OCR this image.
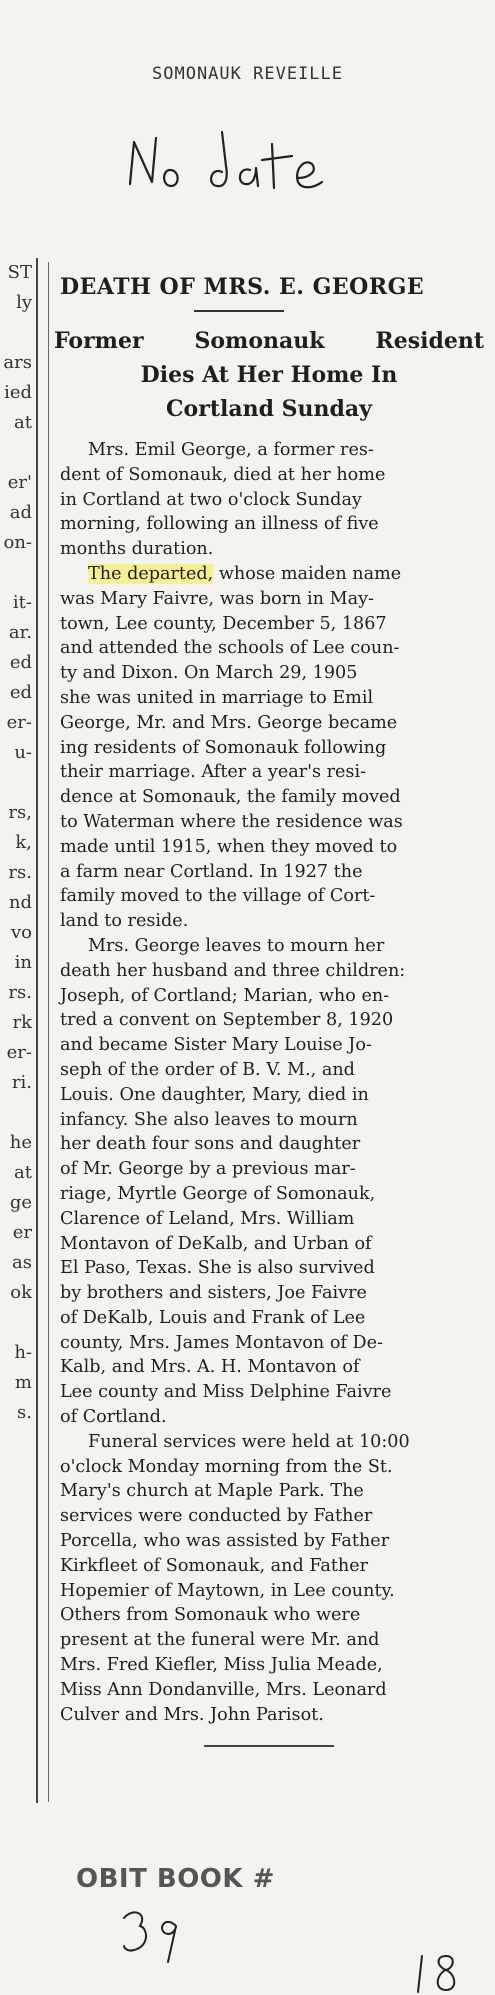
SOMONAUK REVEILLE
ST
ly
ars
ied
at
er'
ad
on-
it-
ar.
ed
ed
er-
u-
rs,
k,
rs.
nd
vo
in
rs.
rk
er-
ri.
he
at
ge
er
as
ok
h-
m
s.
DEATH OF MRS. E. GEORGE
Former Somonauk Resident
Dies At Her Home In
Cortland Sunday
Mrs. Emil George, a former res-
dent of Somonauk, died at her home
in Cortland at two o'clock Sunday
morning, following an illness of five
months duration.
The departed, whose maiden name
was Mary Faivre, was born in May-
town, Lee county, December 5, 1867
and attended the schools of Lee coun-
ty and Dixon. On March 29, 1905
she was united in marriage to Emil
George, Mr. and Mrs. George became
ing residents of Somonauk following
their marriage. After a year's resi-
dence at Somonauk, the family moved
to Waterman where the residence was
made until 1915, when they moved to
a farm near Cortland. In 1927 the
family moved to the village of Cort-
land to reside.
Mrs. George leaves to mourn her
death her husband and three children:
Joseph, of Cortland; Marian, who en-
tred a convent on September 8, 1920
and became Sister Mary Louise Jo-
seph of the order of B. V. M., and
Louis. One daughter, Mary, died in
infancy. She also leaves to mourn
her death four sons and daughter
of Mr. George by a previous mar-
riage, Myrtle George of Somonauk,
Clarence of Leland, Mrs. William
Montavon of DeKalb, and Urban of
El Paso, Texas. She is also survived
by brothers and sisters, Joe Faivre
of DeKalb, Louis and Frank of Lee
county, Mrs. James Montavon of De-
Kalb, and Mrs. A. H. Montavon of
Lee county and Miss Delphine Faivre
of Cortland.
Funeral services were held at 10:00
o'clock Monday morning from the St.
Mary's church at Maple Park. The
services were conducted by Father
Porcella, who was assisted by Father
Kirkfleet of Somonauk, and Father
Hopemier of Maytown, in Lee county.
Others from Somonauk who were
present at the funeral were Mr. and
Mrs. Fred Kiefler, Miss Julia Meade,
Miss Ann Dondanville, Mrs. Leonard
Culver and Mrs. John Parisot.
OBIT BOOK #
